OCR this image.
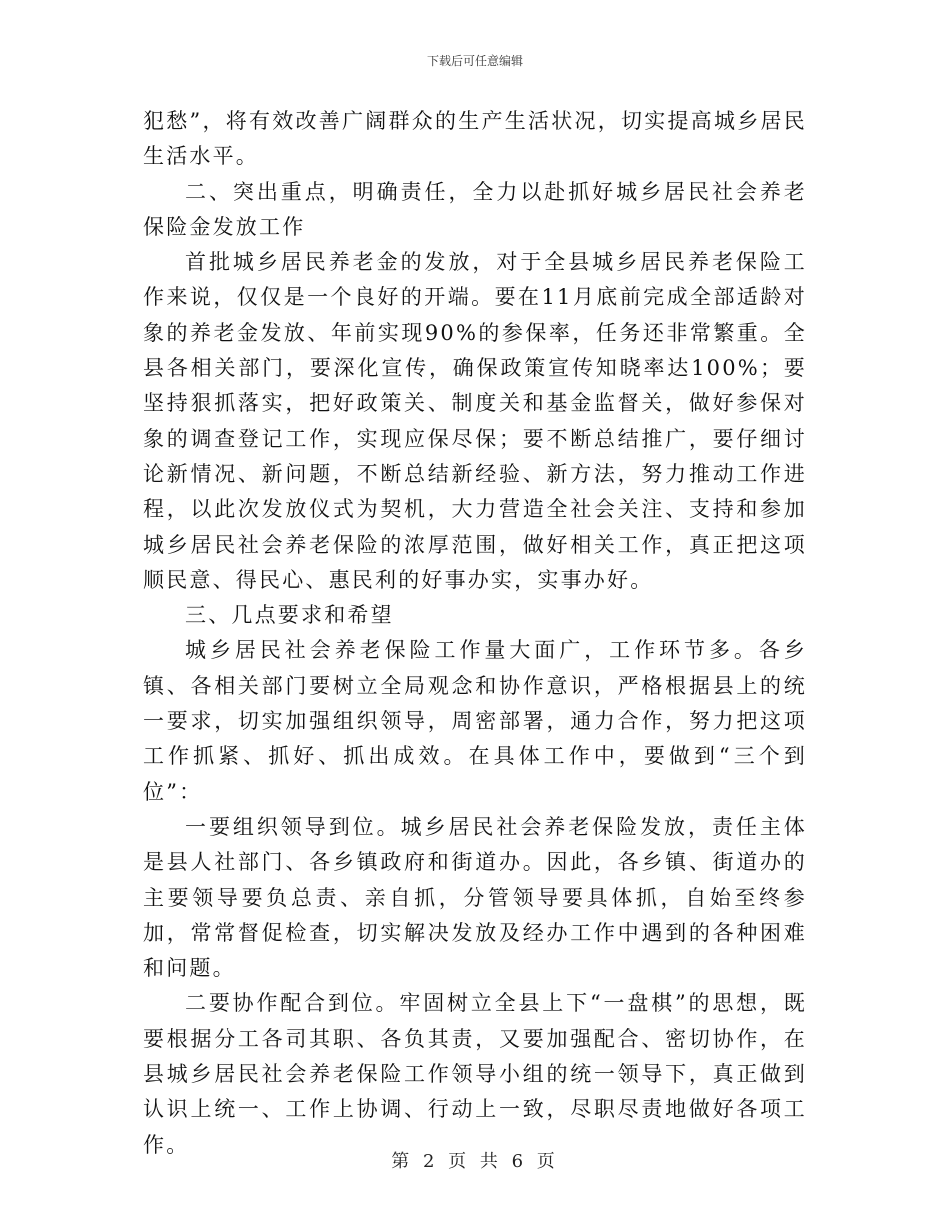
下载后可任意编辑

犯愁”，将有效改善广阔群众的生产生活状况，切实提高城乡居民生活水平。

二、突出重点，明确责任，全力以赴抓好城乡居民社会养老保险金发放工作

首批城乡居民养老金的发放，对于全县城乡居民养老保险工作来说，仅仅是一个良好的开端。要在11月底前完成全部适龄对象的养老金发放、年前实现90%的参保率，任务还非常繁重。全县各相关部门，要深化宣传，确保政策宣传知晓率达100%；要坚持狠抓落实，把好政策关、制度关和基金监督关，做好参保对象的调查登记工作，实现应保尽保；要不断总结推广，要仔细讨论新情况、新问题，不断总结新经验、新方法，努力推动工作进程，以此次发放仪式为契机，大力营造全社会关注、支持和参加城乡居民社会养老保险的浓厚范围，做好相关工作，真正把这项顺民意、得民心、惠民利的好事办实，实事办好。

三、几点要求和希望

城乡居民社会养老保险工作量大面广，工作环节多。各乡镇、各相关部门要树立全局观念和协作意识，严格根据县上的统一要求，切实加强组织领导，周密部署，通力合作，努力把这项工作抓紧、抓好、抓出成效。在具体工作中，要做到“三个到位”：

一要组织领导到位。城乡居民社会养老保险发放，责任主体是县人社部门、各乡镇政府和街道办。因此，各乡镇、街道办的主要领导要负总责、亲自抓，分管领导要具体抓，自始至终参加，常常督促检查，切实解决发放及经办工作中遇到的各种困难和问题。

二要协作配合到位。牢固树立全县上下“一盘棋”的思想，既要根据分工各司其职、各负其责，又要加强配合、密切协作，在县城乡居民社会养老保险工作领导小组的统一领导下，真正做到认识上统一、工作上协调、行动上一致，尽职尽责地做好各项工作。

第 2 页 共 6 页
